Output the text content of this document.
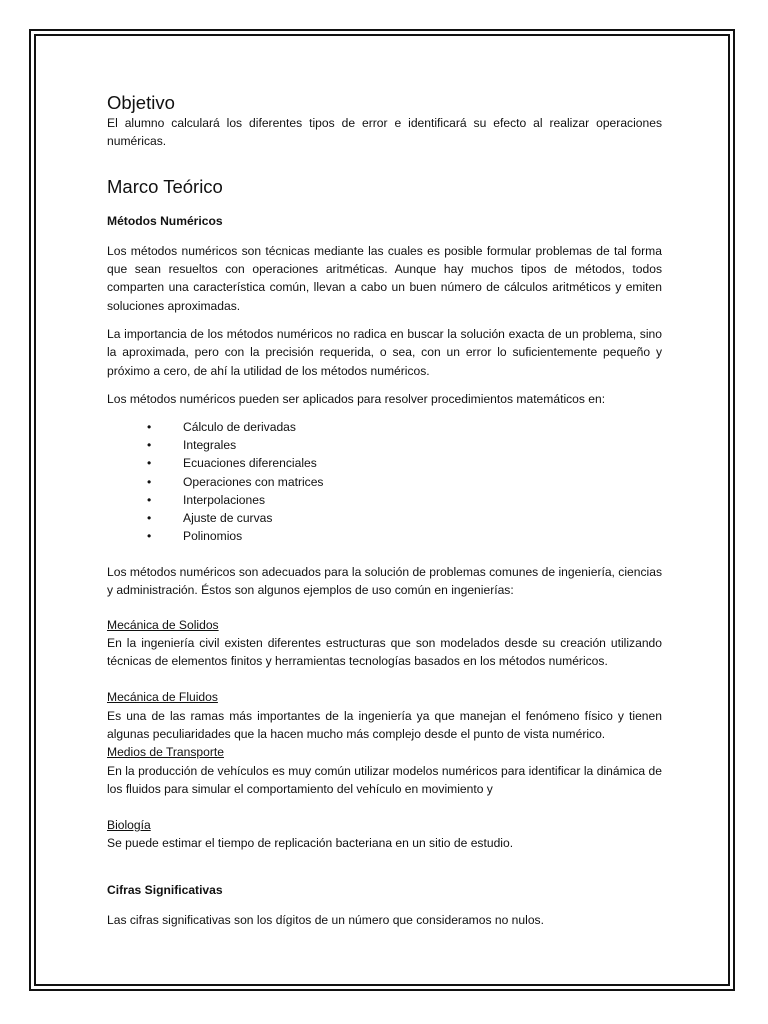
Objetivo

El alumno calculará los diferentes tipos de error e identificará su efecto al realizar operaciones numéricas.

Marco Teórico

Métodos Numéricos

Los métodos numéricos son técnicas mediante las cuales es posible formular problemas de tal forma que sean resueltos con operaciones aritméticas. Aunque hay muchos tipos de métodos, todos comparten una característica común, llevan a cabo un buen número de cálculos aritméticos y emiten soluciones aproximadas.

La importancia de los métodos numéricos no radica en buscar la solución exacta de un problema, sino la aproximada, pero con la precisión requerida, o sea, con un error lo suficientemente pequeño y próximo a cero, de ahí la utilidad de los métodos numéricos.

Los métodos numéricos pueden ser aplicados para resolver procedimientos matemáticos en:

•	Cálculo de derivadas
•	Integrales
•	Ecuaciones diferenciales
•	Operaciones con matrices
•	Interpolaciones
•	Ajuste de curvas
•	Polinomios

Los métodos numéricos son adecuados para la solución de problemas comunes de ingeniería, ciencias y administración. Éstos son algunos ejemplos de uso común en ingenierías:

Mecánica de Solidos

En la ingeniería civil existen diferentes estructuras que son modelados desde su creación utilizando técnicas de elementos finitos y herramientas tecnologías basados en los métodos numéricos.

Mecánica de Fluidos

Es una de las ramas más importantes de la ingeniería ya que manejan el fenómeno físico y tienen algunas peculiaridades que la hacen mucho más complejo desde el punto de vista numérico.

Medios de Transporte

En la producción de vehículos es muy común utilizar modelos numéricos para identificar la dinámica de los fluidos para simular el comportamiento del vehículo en movimiento y

Biología

Se puede estimar el tiempo de replicación bacteriana en un sitio de estudio.

Cifras Significativas

Las cifras significativas son los dígitos de un número que consideramos no nulos.
